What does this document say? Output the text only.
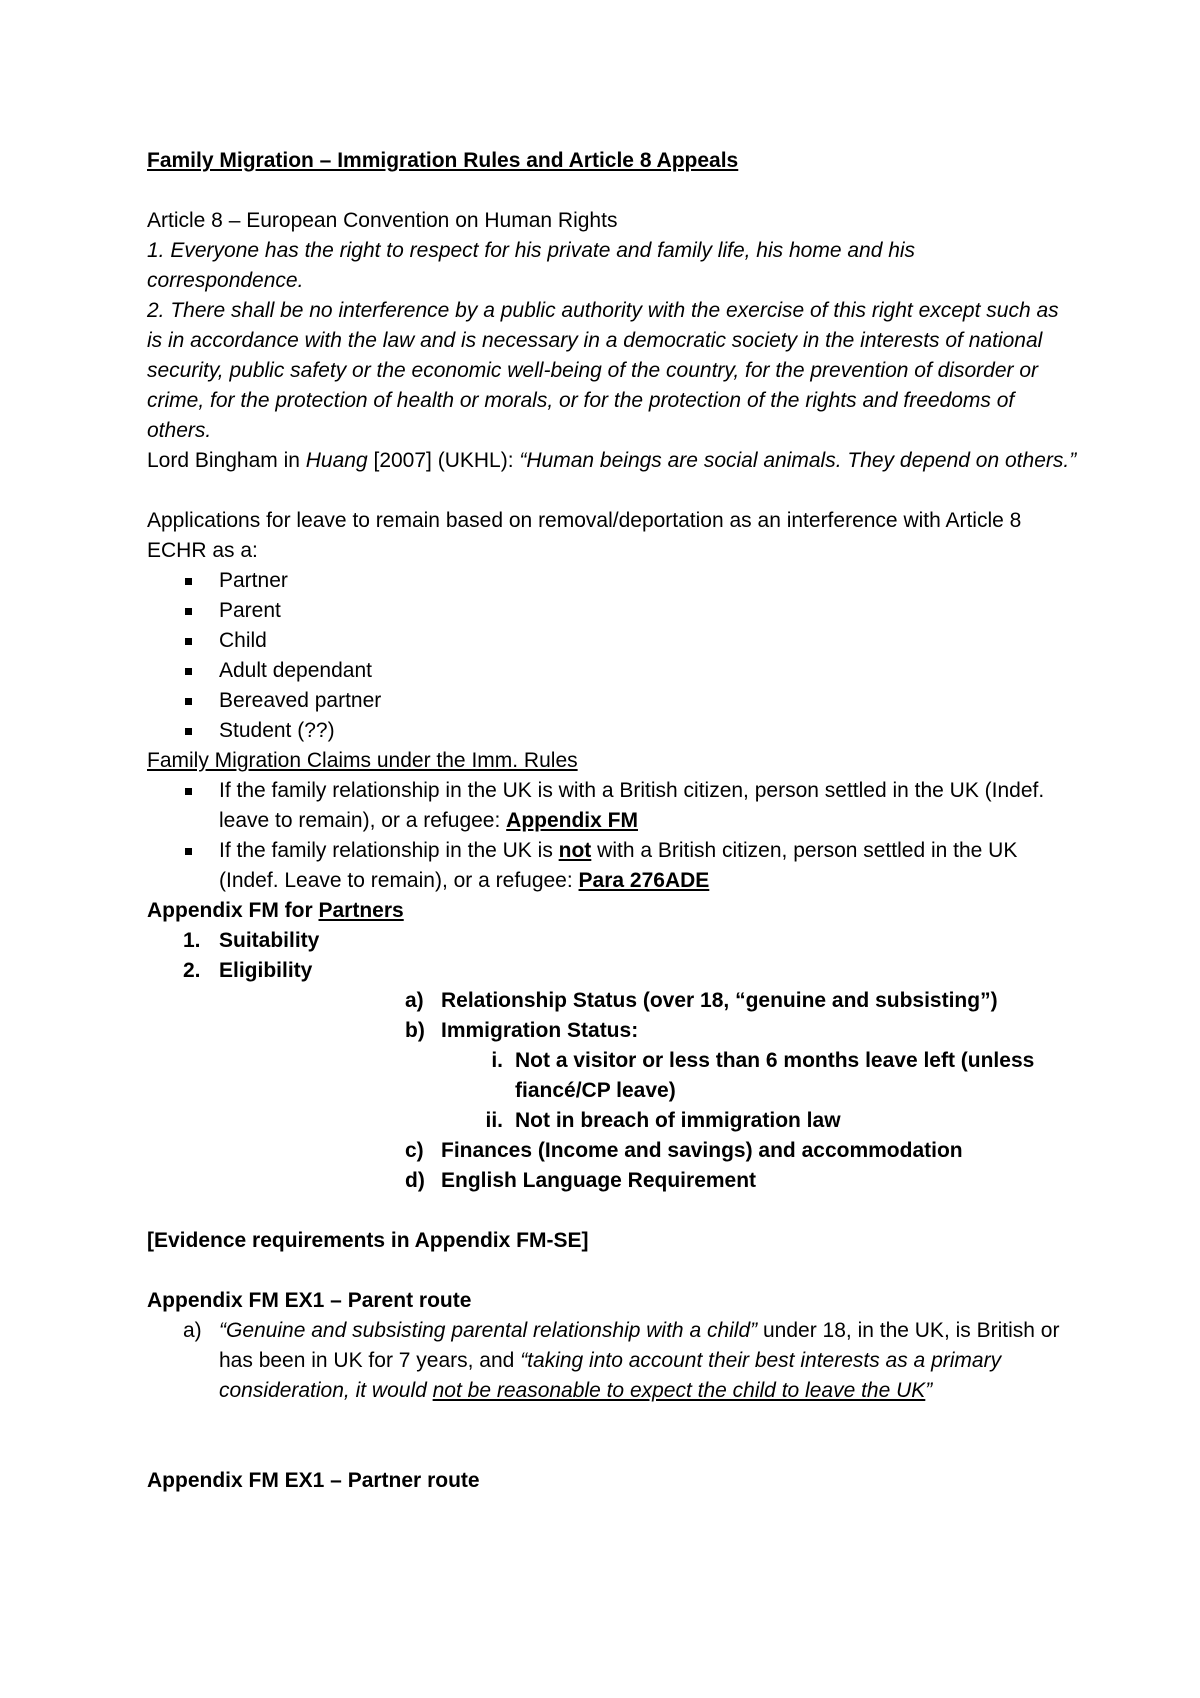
Family Migration – Immigration Rules and Article 8 Appeals
Article 8 – European Convention on Human Rights
1. Everyone has the right to respect for his private and family life, his home and his correspondence.
2. There shall be no interference by a public authority with the exercise of this right except such as is in accordance with the law and is necessary in a democratic society in the interests of national security, public safety or the economic well-being of the country, for the prevention of disorder or crime, for the protection of health or morals, or for the protection of the rights and freedoms of others.
Lord Bingham in Huang [2007] (UKHL): “Human beings are social animals. They depend on others.”
Applications for leave to remain based on removal/deportation as an interference with Article 8 ECHR as a:
Partner
Parent
Child
Adult dependant
Bereaved partner
Student (??)
Family Migration Claims under the Imm. Rules
If the family relationship in the UK is with a British citizen, person settled in the UK (Indef. leave to remain), or a refugee: Appendix FM
If the family relationship in the UK is not with a British citizen, person settled in the UK (Indef. Leave to remain), or a refugee: Para 276ADE
Appendix FM for Partners
1. Suitability
2. Eligibility
a) Relationship Status (over 18, “genuine and subsisting”)
b) Immigration Status:
i. Not a visitor or less than 6 months leave left (unless fiancé/CP leave)
ii. Not in breach of immigration law
c) Finances (Income and savings) and accommodation
d) English Language Requirement
[Evidence requirements in Appendix FM-SE]
Appendix FM EX1 – Parent route
a) “Genuine and subsisting parental relationship with a child” under 18, in the UK, is British or has been in UK for 7 years, and “taking into account their best interests as a primary consideration, it would not be reasonable to expect the child to leave the UK”
Appendix FM EX1 – Partner route
